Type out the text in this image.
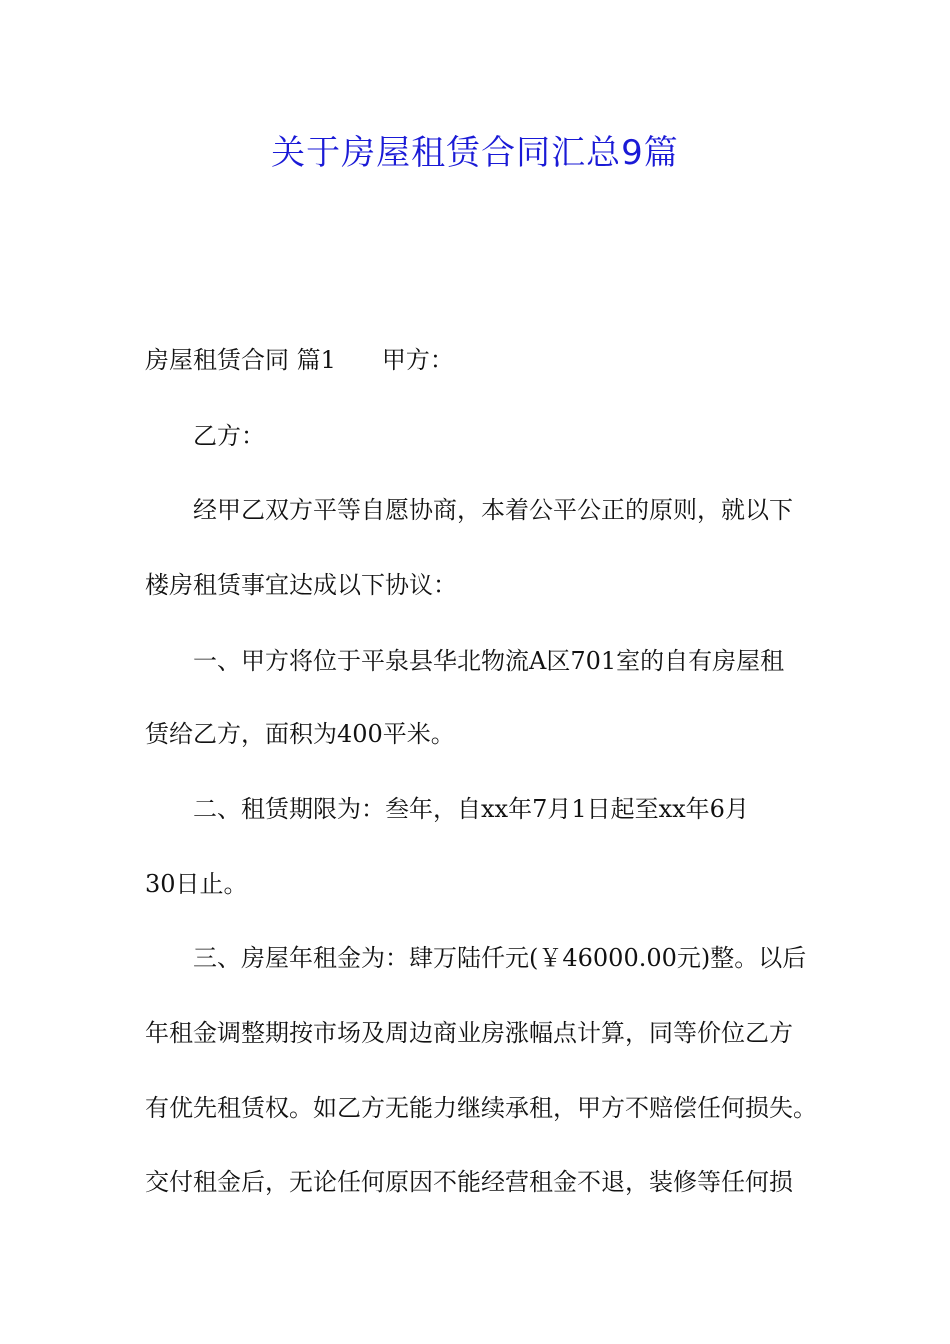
关于房屋租赁合同汇总9篇
房屋租赁合同 篇1 甲方：
乙方：
经甲乙双方平等自愿协商，本着公平公正的原则，就以下
楼房租赁事宜达成以下协议：
一、甲方将位于平泉县华北物流A区701室的自有房屋租
赁给乙方，面积为400平米。
二、租赁期限为：叁年，自xx年7月1日起至xx年6月
30日止。
三、房屋年租金为：肆万陆仟元(￥46000.00元)整。以后
年租金调整期按市场及周边商业房涨幅点计算，同等价位乙方
有优先租赁权。如乙方无能力继续承租，甲方不赔偿任何损失。
交付租金后，无论任何原因不能经营租金不退，装修等任何损
